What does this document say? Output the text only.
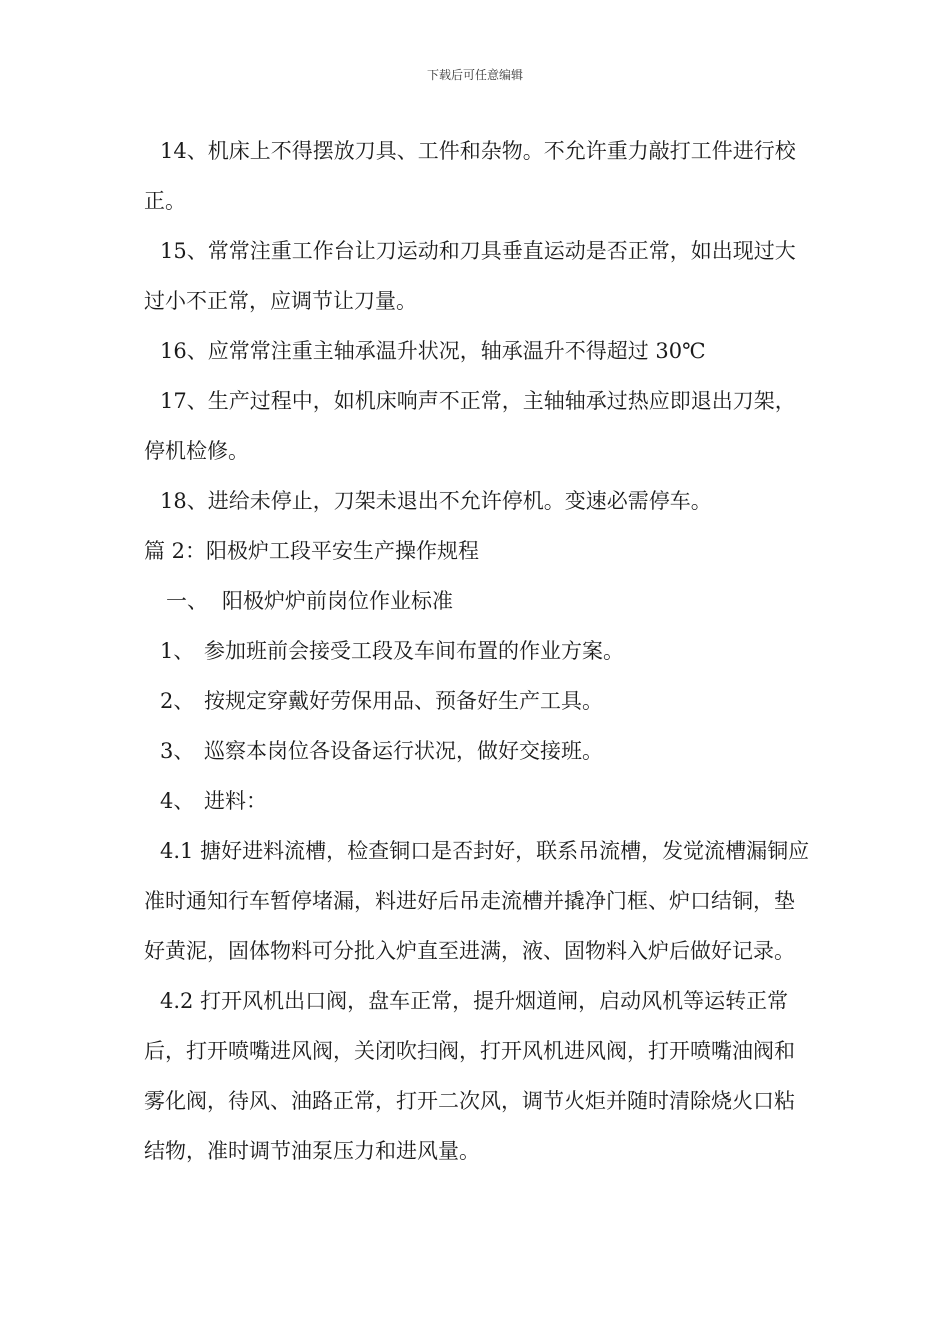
下载后可任意编辑

14、机床上不得摆放刀具、工件和杂物。不允许重力敲打工件进行校正。

15、常常注重工作台让刀运动和刀具垂直运动是否正常，如出现过大过小不正常，应调节让刀量。

16、应常常注重主轴承温升状况，轴承温升不得超过 30℃

17、生产过程中，如机床响声不正常，主轴轴承过热应即退出刀架，停机检修。

18、进给未停止，刀架未退出不允许停机。变速必需停车。

篇 2：阳极炉工段平安生产操作规程

一、 阳极炉炉前岗位作业标准

1、 参加班前会接受工段及车间布置的作业方案。

2、 按规定穿戴好劳保用品、预备好生产工具。

3、 巡察本岗位各设备运行状况，做好交接班。

4、 进料：

4.1 搪好进料流槽，检查铜口是否封好，联系吊流槽，发觉流槽漏铜应准时通知行车暂停堵漏，料进好后吊走流槽并撬净门框、炉口结铜，垫好黄泥，固体物料可分批入炉直至进满，液、固物料入炉后做好记录。

4.2 打开风机出口阀，盘车正常，提升烟道闸，启动风机等运转正常后，打开喷嘴进风阀，关闭吹扫阀，打开风机进风阀，打开喷嘴油阀和雾化阀，待风、油路正常，打开二次风，调节火炬并随时清除烧火口粘结物，准时调节油泵压力和进风量。
